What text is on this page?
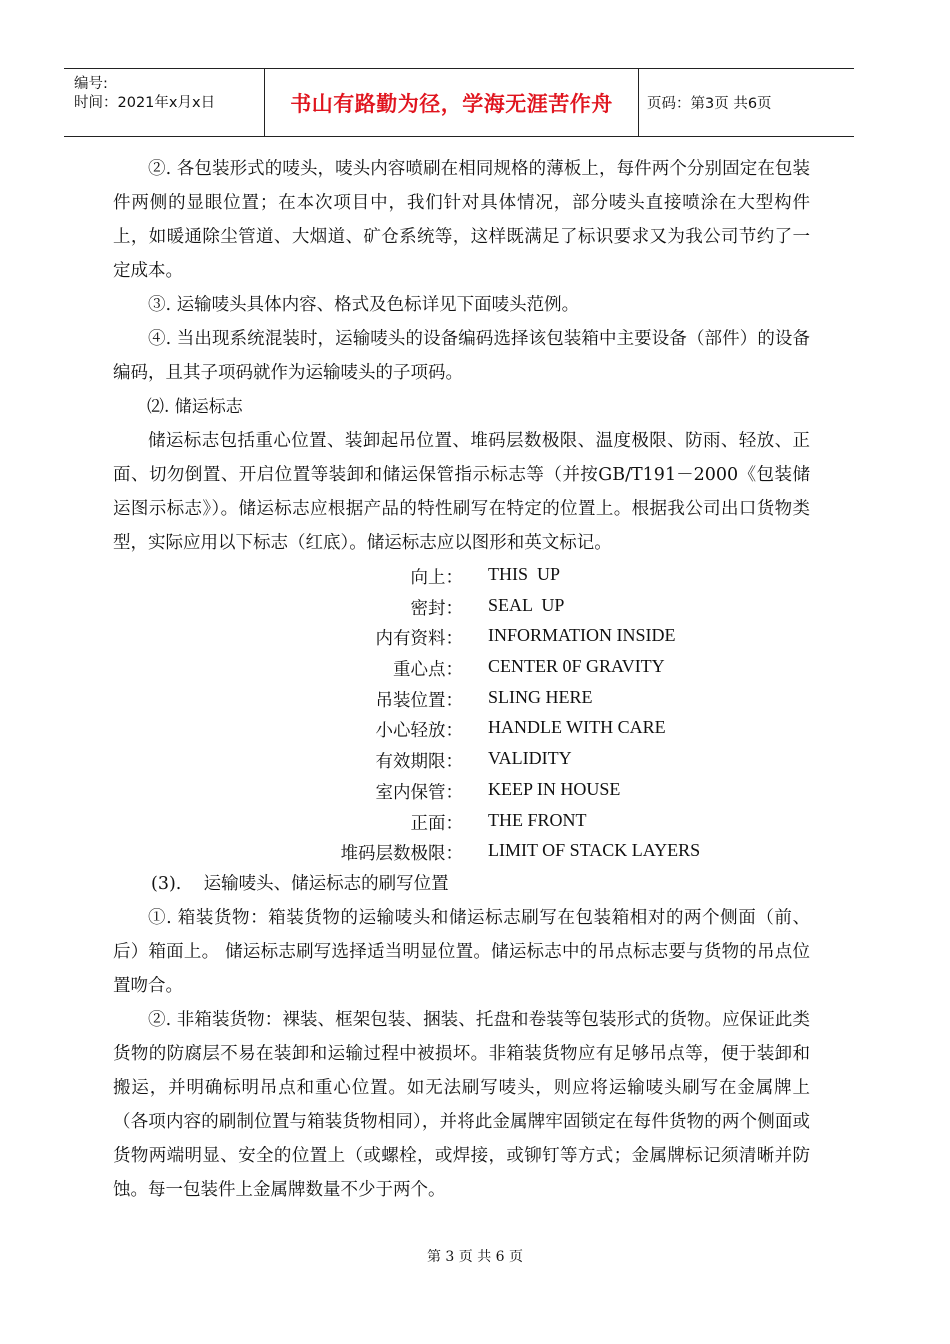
编号:
时间：2021年x月x日	书山有路勤为径，学海无涯苦作舟 页码：第3页 共6页

②. 各包装形式的唛头，唛头内容喷刷在相同规格的薄板上，每件两个分别固定在包装件两侧的显眼位置；在本次项目中，我们针对具体情况，部分唛头直接喷涂在大型构件上，如暖通除尘管道、大烟道、矿仓系统等，这样既满足了标识要求又为我公司节约了一定成本。

③. 运输唛头具体内容、格式及色标详见下面唛头范例。

④. 当出现系统混装时，运输唛头的设备编码选择该包装箱中主要设备（部件）的设备编码，且其子项码就作为运输唛头的子项码。

⑵. 储运标志

储运标志包括重心位置、装卸起吊位置、堆码层数极限、温度极限、防雨、轻放、正面、切勿倒置、开启位置等装卸和储运保管指示标志等（并按GB/T191－2000《包装储运图示标志》）。储运标志应根据产品的特性刷写在特定的位置上。根据我公司出口货物类型，实际应用以下标志（红底）。储运标志应以图形和英文标记。

向上： THIS  UP
密封： SEAL  UP
内有资料： INFORMATION INSIDE
重心点： CENTER 0F GRAVITY
吊装位置： SLING HERE
小心轻放： HANDLE WITH CARE
有效期限： VALIDITY
室内保管： KEEP IN HOUSE
正面： THE FRONT
堆码层数极限： LIMIT OF STACK LAYERS

(3).    运输唛头、储运标志的刷写位置

①. 箱装货物：箱装货物的运输唛头和储运标志刷写在包装箱相对的两个侧面（前、后）箱面上。 储运标志刷写选择适当明显位置。储运标志中的吊点标志要与货物的吊点位置吻合。

②. 非箱装货物：裸装、框架包装、捆装、托盘和卷装等包装形式的货物。应保证此类货物的防腐层不易在装卸和运输过程中被损坏。非箱装货物应有足够吊点等，便于装卸和搬运，并明确标明吊点和重心位置。如无法刷写唛头，则应将运输唛头刷写在金属牌上（各项内容的刷制位置与箱装货物相同），并将此金属牌牢固锁定在每件货物的两个侧面或货物两端明显、安全的位置上（或螺栓，或焊接，或铆钉等方式；金属牌标记须清晰并防蚀。每一包装件上金属牌数量不少于两个。

第 3 页 共 6 页
